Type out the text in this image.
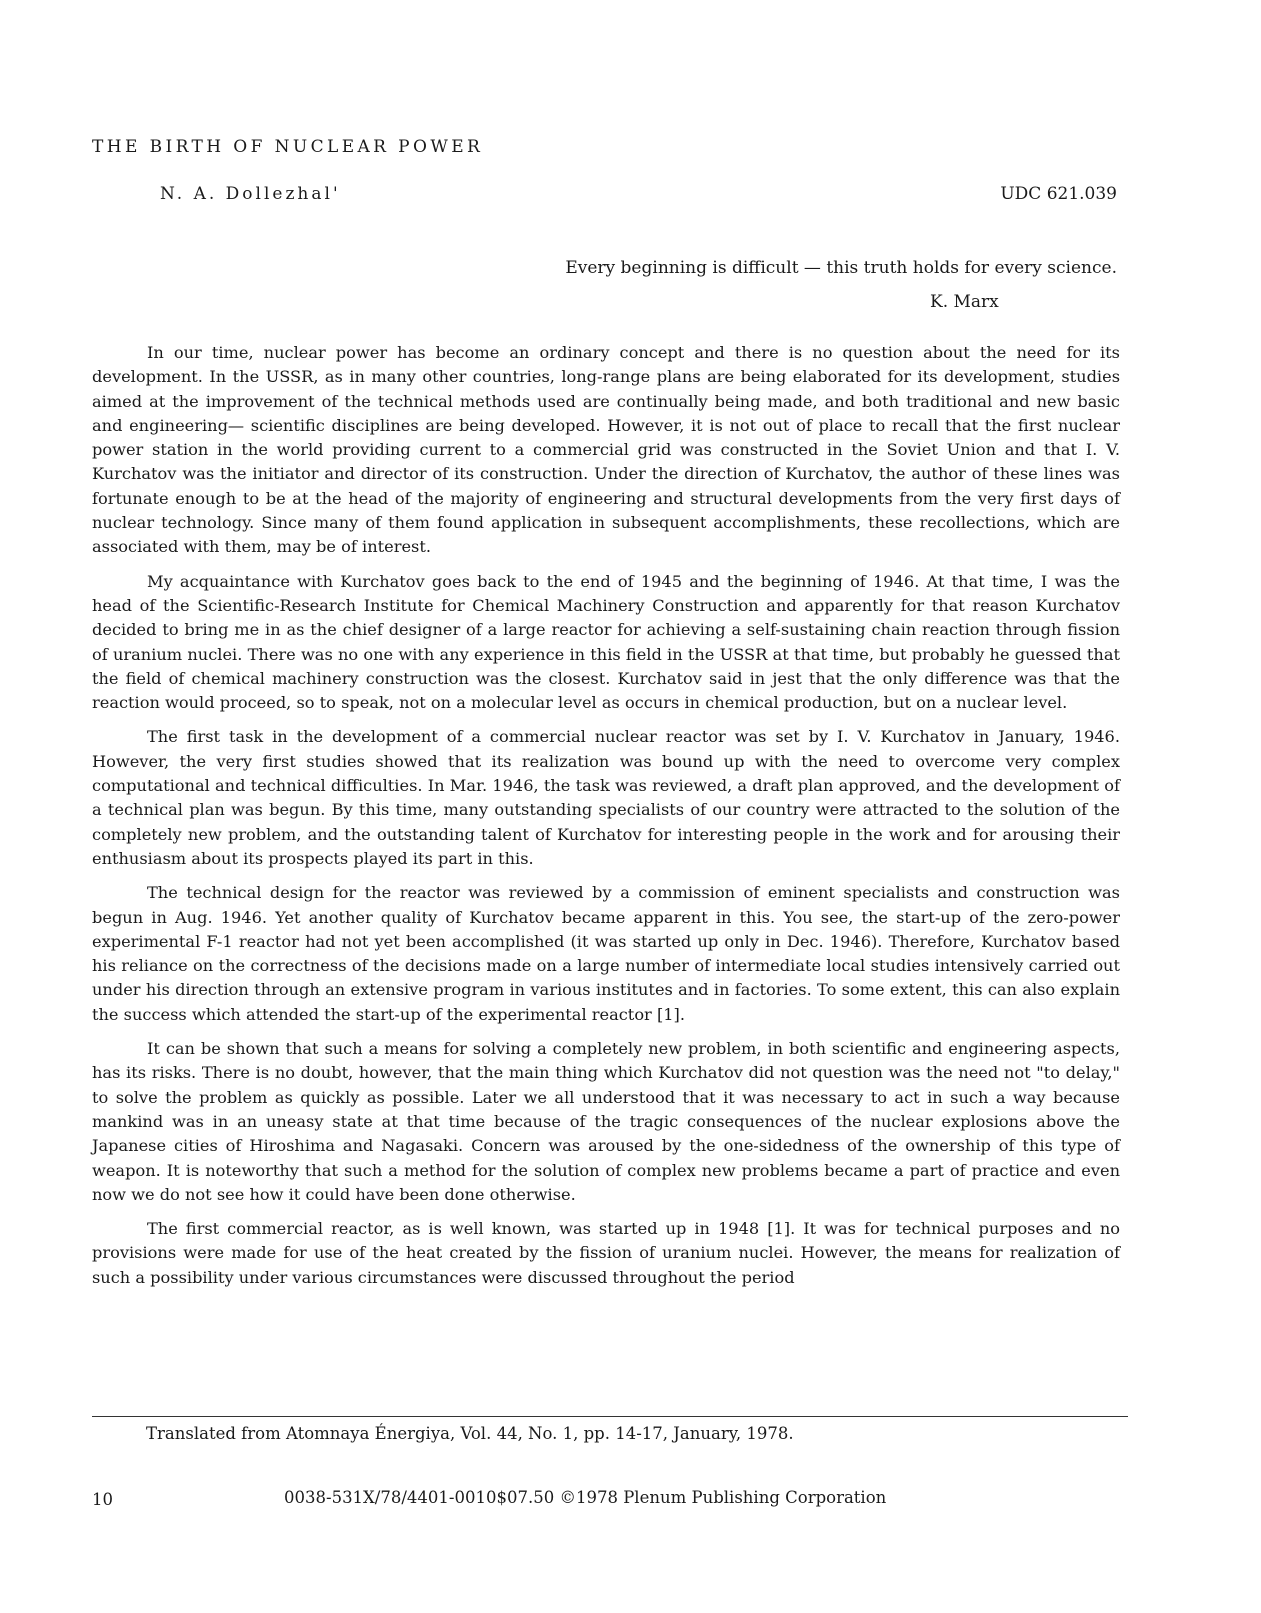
THE BIRTH OF NUCLEAR POWER
N. A. Dollezhal'	UDC 621.039
Every beginning is difficult — this truth holds for every science.
K. Marx

In our time, nuclear power has become an ordinary concept and there is no question about the need for its development. In the USSR, as in many other countries, long-range plans are being elaborated for its development, studies aimed at the improvement of the technical methods used are continually being made, and both traditional and new basic and engineering— scientific disciplines are being developed. However, it is not out of place to recall that the first nuclear power station in the world providing current to a commercial grid was constructed in the Soviet Union and that I. V. Kurchatov was the initiator and director of its construction. Under the direction of Kurchatov, the author of these lines was fortunate enough to be at the head of the majority of engineering and structural developments from the very first days of nuclear technology. Since many of them found application in subsequent accomplishments, these recollections, which are associated with them, may be of interest.

My acquaintance with Kurchatov goes back to the end of 1945 and the beginning of 1946. At that time, I was the head of the Scientific-Research Institute for Chemical Machinery Construction and apparently for that reason Kurchatov decided to bring me in as the chief designer of a large reactor for achieving a self-sustaining chain reaction through fission of uranium nuclei. There was no one with any experience in this field in the USSR at that time, but probably he guessed that the field of chemical machinery construction was the closest. Kurchatov said in jest that the only difference was that the reaction would proceed, so to speak, not on a molecular level as occurs in chemical production, but on a nuclear level.

The first task in the development of a commercial nuclear reactor was set by I. V. Kurchatov in January, 1946. However, the very first studies showed that its realization was bound up with the need to overcome very complex computational and technical difficulties. In Mar. 1946, the task was reviewed, a draft plan approved, and the development of a technical plan was begun. By this time, many outstanding specialists of our country were attracted to the solution of the completely new problem, and the outstanding talent of Kurchatov for interesting people in the work and for arousing their enthusiasm about its prospects played its part in this.

The technical design for the reactor was reviewed by a commission of eminent specialists and construction was begun in Aug. 1946. Yet another quality of Kurchatov became apparent in this. You see, the start-up of the zero-power experimental F-1 reactor had not yet been accomplished (it was started up only in Dec. 1946). Therefore, Kurchatov based his reliance on the correctness of the decisions made on a large number of intermediate local studies intensively carried out under his direction through an extensive program in various institutes and in factories. To some extent, this can also explain the success which attended the start-up of the experimental reactor [1].

It can be shown that such a means for solving a completely new problem, in both scientific and engineering aspects, has its risks. There is no doubt, however, that the main thing which Kurchatov did not question was the need not "to delay," to solve the problem as quickly as possible. Later we all understood that it was necessary to act in such a way because mankind was in an uneasy state at that time because of the tragic consequences of the nuclear explosions above the Japanese cities of Hiroshima and Nagasaki. Concern was aroused by the one-sidedness of the ownership of this type of weapon. It is noteworthy that such a method for the solution of complex new problems became a part of practice and even now we do not see how it could have been done otherwise.

The first commercial reactor, as is well known, was started up in 1948 [1]. It was for technical purposes and no provisions were made for use of the heat created by the fission of uranium nuclei. However, the means for realization of such a possibility under various circumstances were discussed throughout the period

Translated from Atomnaya Énergiya, Vol. 44, No. 1, pp. 14-17, January, 1978.
10	0038-531X/78/4401-0010$07.50 ©1978 Plenum Publishing Corporation
